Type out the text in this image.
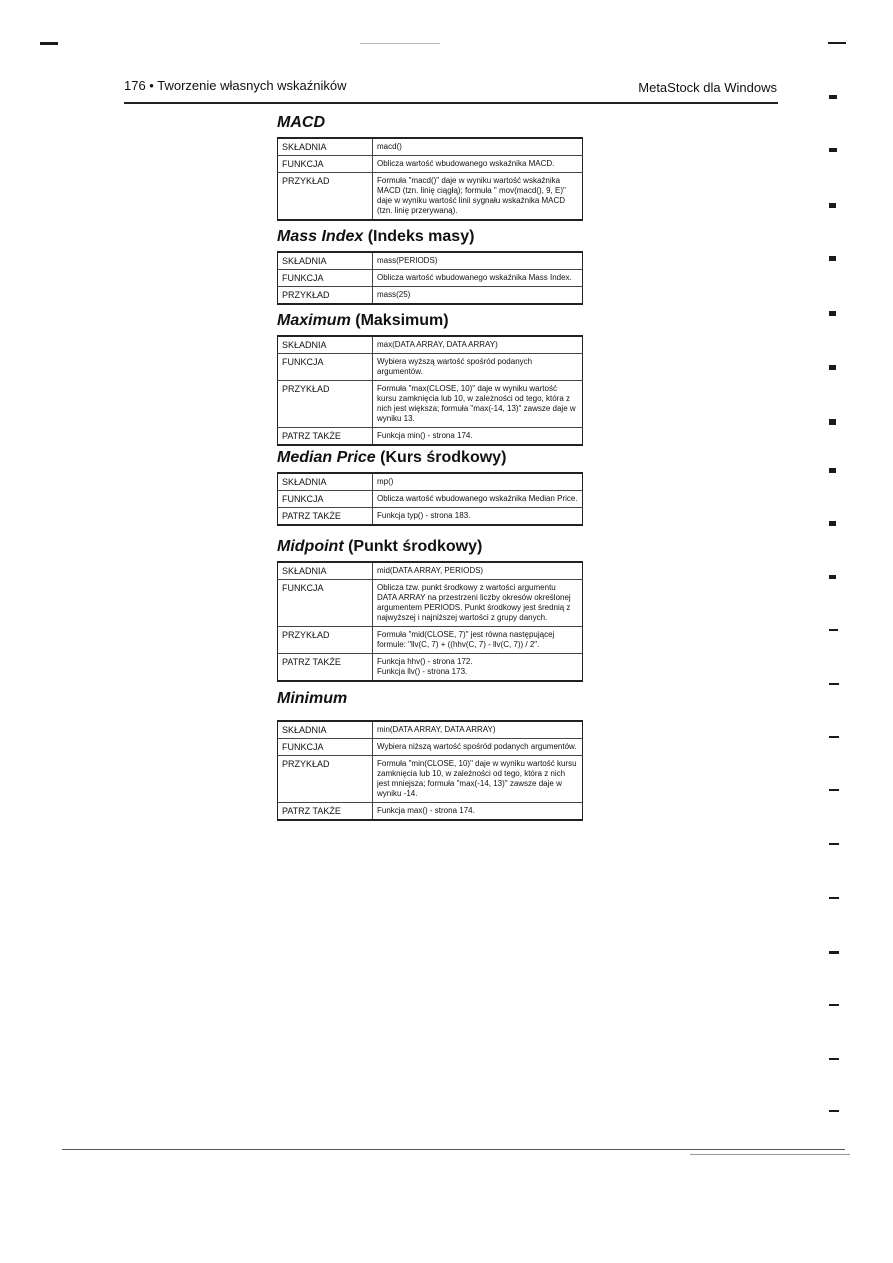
176 • Tworzenie własnych wskaźników	MetaStock dla Windows
MACD
SKŁADNIA	macd()
FUNKCJA	Oblicza wartość wbudowanego wskaźnika MACD.
PRZYKŁAD	Formuła "macd()" daje w wyniku wartość wskaźnika MACD (tzn. linię ciągłą); formuła " mov(macd(), 9, E)" daje w wyniku wartość linii sygnału wskaźnika MACD (tzn. linię przerywaną).
Mass Index (Indeks masy)
SKŁADNIA	mass(PERIODS)
FUNKCJA	Oblicza wartość wbudowanego wskaźnika Mass Index.
PRZYKŁAD	mass(25)
Maximum (Maksimum)
SKŁADNIA	max(DATA ARRAY, DATA ARRAY)
FUNKCJA	Wybiera wyższą wartość spośród podanych argumentów.
PRZYKŁAD	Formuła "max(CLOSE, 10)" daje w wyniku wartość kursu zamknięcia lub 10, w zależności od tego, która z nich jest większa; formuła "max(-14, 13)" zawsze daje w wyniku 13.
PATRZ TAKŻE	Funkcja min() - strona 174.
Median Price (Kurs środkowy)
SKŁADNIA	mp()
FUNKCJA	Oblicza wartość wbudowanego wskaźnika Median Price.
PATRZ TAKŻE	Funkcja typ() - strona 183.
Midpoint (Punkt środkowy)
SKŁADNIA	mid(DATA ARRAY, PERIODS)
FUNKCJA	Oblicza tzw. punkt środkowy z wartości argumentu DATA ARRAY na przestrzeni liczby okresów określonej argumentem PERIODS. Punkt środkowy jest średnią z najwyższej i najniższej wartości z grupy danych.
PRZYKŁAD	Formuła "mid(CLOSE, 7)" jest równa następującej formule: "llv(C, 7) + ((hhv(C, 7) - llv(C, 7)) / 2".
PATRZ TAKŻE	Funkcja hhv() - strona 172.
Funkcja llv() - strona 173.
Minimum
SKŁADNIA	min(DATA ARRAY, DATA ARRAY)
FUNKCJA	Wybiera niższą wartość spośród podanych argumentów.
PRZYKŁAD	Formuła "min(CLOSE, 10)" daje w wyniku wartość kursu zamknięcia lub 10, w zależności od tego, która z nich jest mniejsza; formuła "max(-14, 13)" zawsze daje w wyniku -14.
PATRZ TAKŻE	Funkcja max() - strona 174.
